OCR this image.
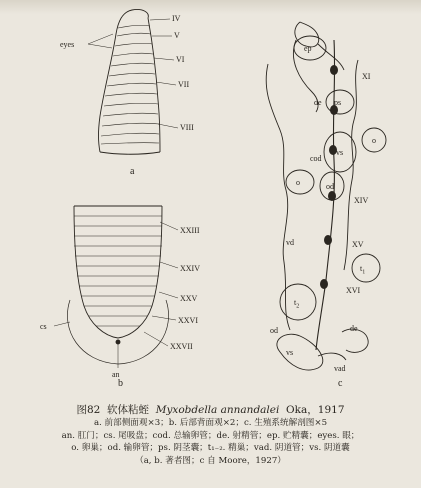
a
b	c
eyes
IV
V
VI
VII
VIII
XXIII
XXIV
XXV
XXVI
XXVII
cs
an
ep
XI
de ps
cod
vs
o
o	od
XIV
vd	XV
$t_1$
$t_2$
XVI
od
vs
vad
de
图82 软体粘蛭 Myxobdella annandalei Oka，1917
a. 前部侧面观×3；b. 后部背面观×2；c. 生殖系统解剖图×5
an. 肛门；cs. 尾吸盘；cod. 总输卵管；de. 射精管；ep. 贮精囊；eyes. 眼；
o. 卵巢；od. 输卵管；ps. 阴茎囊；t₁₋₂. 精巢；vad. 阴道管；vs. 阴道囊
（a, b. 著者图；c 自 Moore，1927）
